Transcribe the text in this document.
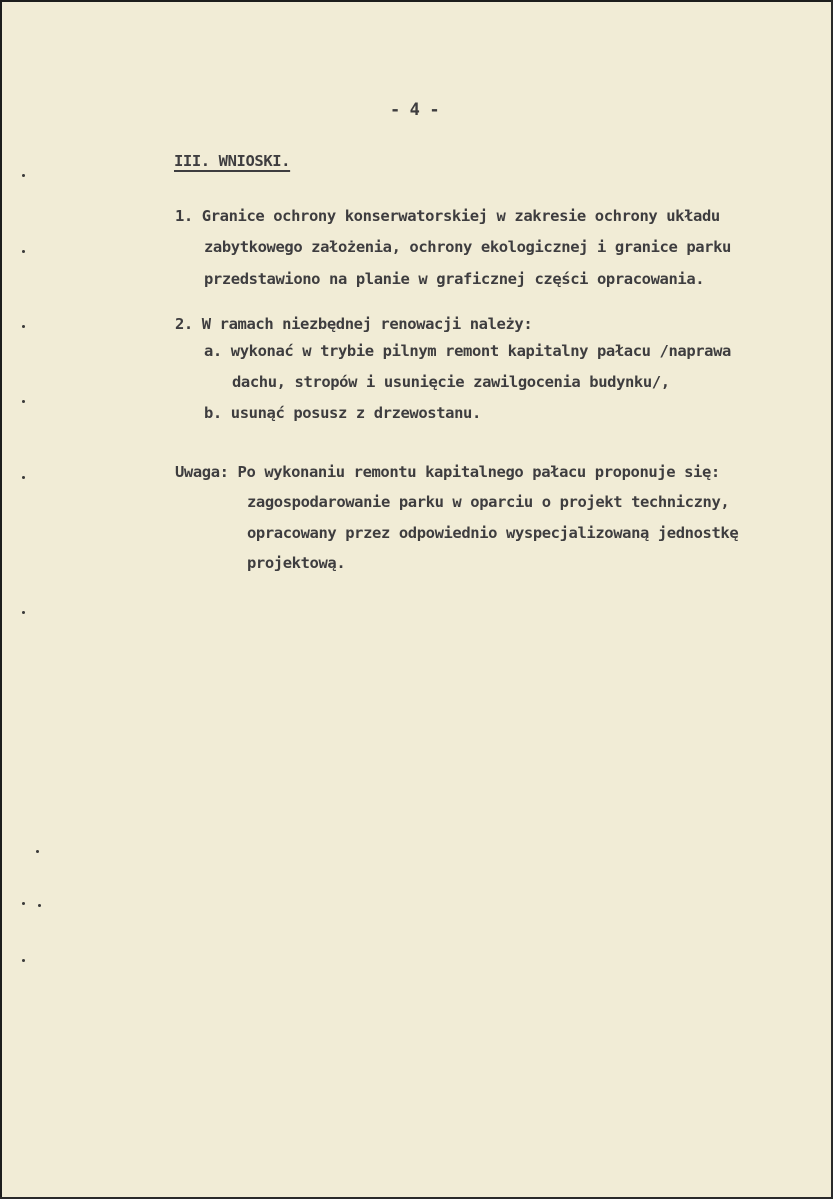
- 4 -
III. WNIOSKI.
1. Granice ochrony konserwatorskiej w zakresie ochrony układu
zabytkowego założenia, ochrony ekologicznej i granice parku
przedstawiono na planie w graficznej części opracowania.
2. W ramach niezbędnej renowacji należy:
a. wykonać w trybie pilnym remont kapitalny pałacu /naprawa
dachu, stropów i usunięcie zawilgocenia budynku/,
b. usunąć posusz z drzewostanu.
Uwaga: Po wykonaniu remontu kapitalnego pałacu proponuje się:
zagospodarowanie parku w oparciu o projekt techniczny,
opracowany przez odpowiednio wyspecjalizowaną jednostkę
projektową.
